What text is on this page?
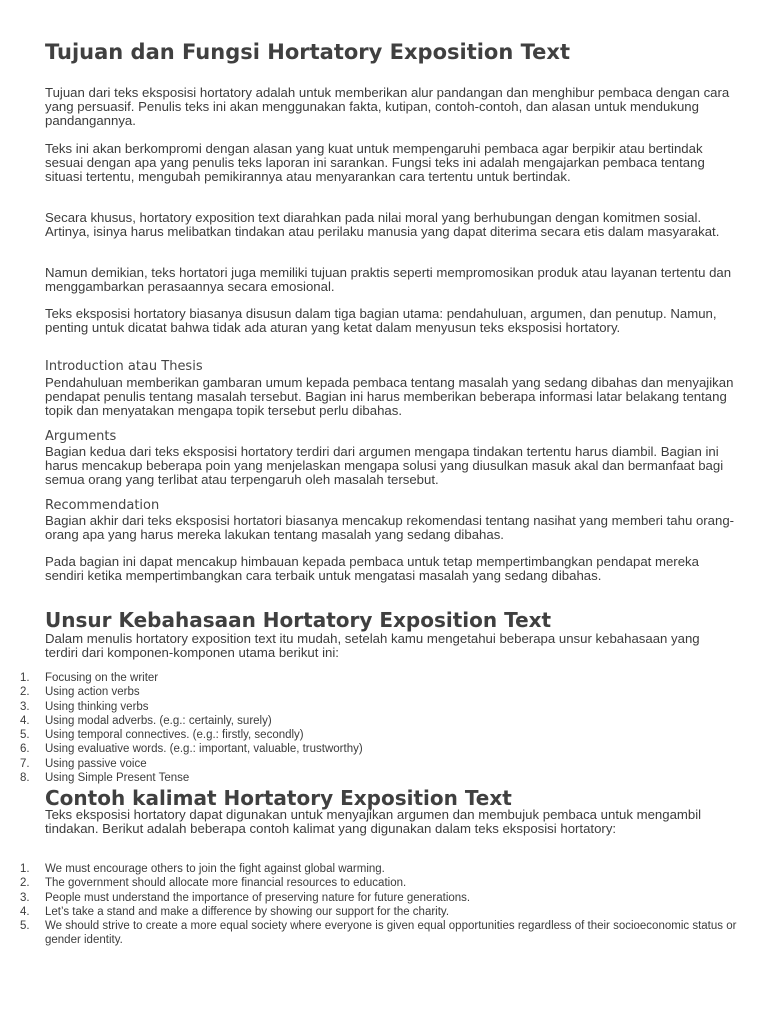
Tujuan dan Fungsi Hortatory Exposition Text

Tujuan dari teks eksposisi hortatory adalah untuk memberikan alur pandangan dan menghibur pembaca dengan cara yang persuasif. Penulis teks ini akan menggunakan fakta, kutipan, contoh-contoh, dan alasan untuk mendukung pandangannya.

Teks ini akan berkompromi dengan alasan yang kuat untuk mempengaruhi pembaca agar berpikir atau bertindak sesuai dengan apa yang penulis teks laporan ini sarankan. Fungsi teks ini adalah mengajarkan pembaca tentang situasi tertentu, mengubah pemikirannya atau menyarankan cara tertentu untuk bertindak.

Secara khusus, hortatory exposition text diarahkan pada nilai moral yang berhubungan dengan komitmen sosial. Artinya, isinya harus melibatkan tindakan atau perilaku manusia yang dapat diterima secara etis dalam masyarakat.

Namun demikian, teks hortatori juga memiliki tujuan praktis seperti mempromosikan produk atau layanan tertentu dan menggambarkan perasaannya secara emosional.

Teks eksposisi hortatory biasanya disusun dalam tiga bagian utama: pendahuluan, argumen, dan penutup. Namun, penting untuk dicatat bahwa tidak ada aturan yang ketat dalam menyusun teks eksposisi hortatory.

Introduction atau Thesis

Pendahuluan memberikan gambaran umum kepada pembaca tentang masalah yang sedang dibahas dan menyajikan pendapat penulis tentang masalah tersebut. Bagian ini harus memberikan beberapa informasi latar belakang tentang topik dan menyatakan mengapa topik tersebut perlu dibahas.

Arguments

Bagian kedua dari teks eksposisi hortatory terdiri dari argumen mengapa tindakan tertentu harus diambil. Bagian ini harus mencakup beberapa poin yang menjelaskan mengapa solusi yang diusulkan masuk akal dan bermanfaat bagi semua orang yang terlibat atau terpengaruh oleh masalah tersebut.

Recommendation

Bagian akhir dari teks eksposisi hortatori biasanya mencakup rekomendasi tentang nasihat yang memberi tahu orang-orang apa yang harus mereka lakukan tentang masalah yang sedang dibahas.

Pada bagian ini dapat mencakup himbauan kepada pembaca untuk tetap mempertimbangkan pendapat mereka sendiri ketika mempertimbangkan cara terbaik untuk mengatasi masalah yang sedang dibahas.

Unsur Kebahasaan Hortatory Exposition Text

Dalam menulis hortatory exposition text itu mudah, setelah kamu mengetahui beberapa unsur kebahasaan yang terdiri dari komponen-komponen utama berikut ini:

1. Focusing on the writer
2. Using action verbs
3. Using thinking verbs
4. Using modal adverbs. (e.g.: certainly, surely)
5. Using temporal connectives. (e.g.: firstly, secondly)
6. Using evaluative words. (e.g.: important, valuable, trustworthy)
7. Using passive voice
8. Using Simple Present Tense
Contoh kalimat Hortatory Exposition Text

Teks eksposisi hortatory dapat digunakan untuk menyajikan argumen dan membujuk pembaca untuk mengambil tindakan. Berikut adalah beberapa contoh kalimat yang digunakan dalam teks eksposisi hortatory:

1. We must encourage others to join the fight against global warming.
2. The government should allocate more financial resources to education.
3. People must understand the importance of preserving nature for future generations.
4. Let’s take a stand and make a difference by showing our support for the charity.
5. We should strive to create a more equal society where everyone is given equal opportunities regardless of their socioeconomic status or gender identity.
